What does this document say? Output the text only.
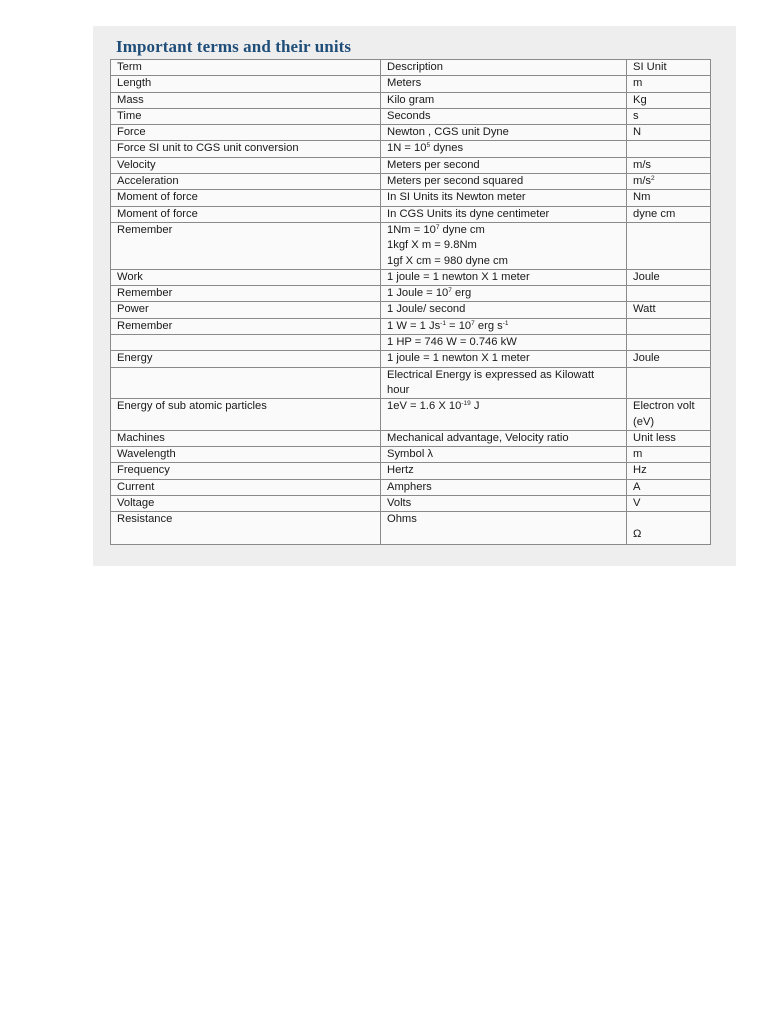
Important terms and their units
Term	Description	SI Unit
Length	Meters	m

Mass	Kilo gram	Kg

Time	Seconds	s

Force	Newton , CGS unit Dyne	N

Force SI unit to CGS unit conversion	$1N = 10^5$ dynes	

Velocity	Meters per second	m/s

Acceleration	Meters per second squared	$m/s^2$

Moment of force	In SI Units its Newton meter	Nm

Moment of force	In CGS Units its dyne centimeter	dyne cm

Remember	$1Nm = 10^7$ dyne cm
1kgf X m = 9.8Nm
1gf X cm = 980 dyne cm	

Work	1 joule = 1 newton X 1 meter	Joule

Remember	1 Joule = $10^7$ erg	

Power	1 Joule/ second	Watt

Remember	1 W = 1 $Js^{-1} = 10^7$ erg $s^{-1}$

	1 HP = 746 W = 0.746 kW	

Energy	1 joule = 1 newton X 1 meter	Joule

	Electrical Energy is expressed as Kilowatt
hour	

Energy of sub atomic particles	1eV = 1.6 X $10^{-19}$ J	Electron volt
(eV)

Machines	Mechanical advantage, Velocity ratio	Unit less

Wavelength	Symbol λ	m

Frequency	Hertz	Hz

Current	Amphers	A

Voltage	Volts	V

Resistance	Ohms	Ω
